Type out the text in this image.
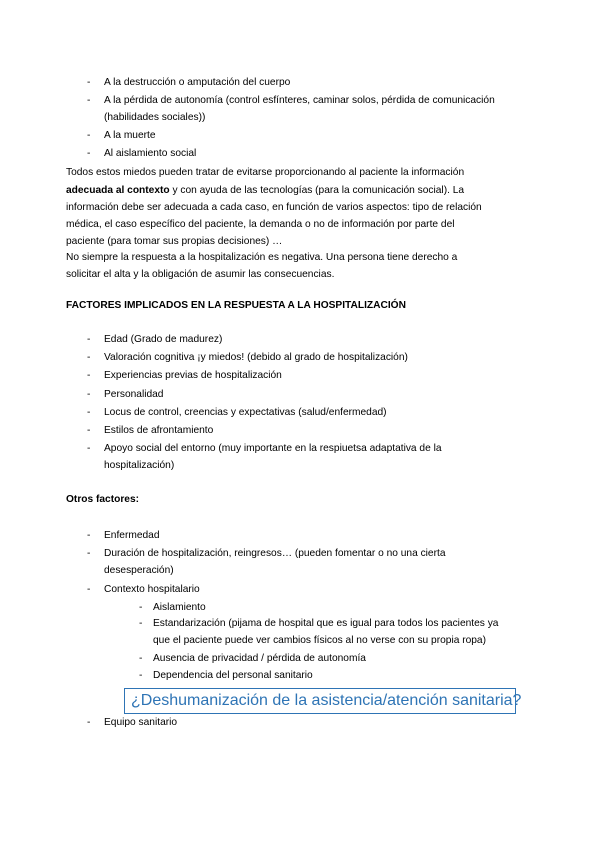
- A la destrucción o amputación del cuerpo
- A la pérdida de autonomía (control esfínteres, caminar solos, pérdida de comunicación (habilidades sociales))
- A la muerte
- Al aislamiento social
Todos estos miedos pueden tratar de evitarse proporcionando al paciente la información
adecuada al contexto y con ayuda de las tecnologías (para la comunicación social). La
información debe ser adecuada a cada caso, en función de varios aspectos: tipo de relación
médica, el caso específico del paciente, la demanda o no de información por parte del
paciente (para tomar sus propias decisiones) …
No siempre la respuesta a la hospitalización es negativa. Una persona tiene derecho a
solicitar el alta y la obligación de asumir las consecuencias.
FACTORES IMPLICADOS EN LA RESPUESTA A LA HOSPITALIZACIÓN
- Edad (Grado de madurez)
- Valoración cognitiva ¡y miedos! (debido al grado de hospitalización)
- Experiencias previas de hospitalización
- Personalidad
- Locus de control, creencias y expectativas (salud/enfermedad)
- Estilos de afrontamiento
- Apoyo social del entorno (muy importante en la respiuetsa adaptativa de la hospitalización)
Otros factores:
- Enfermedad
- Duración de hospitalización, reingresos… (pueden fomentar o no una cierta desesperación)
- Contexto hospitalario
- Aislamiento
- Estandarización (pijama de hospital que es igual para todos los pacientes ya que el paciente puede ver cambios físicos al no verse con su propia ropa)
- Ausencia de privacidad / pérdida de autonomía
- Dependencia del personal sanitario
¿Deshumanización de la asistencia/atención sanitaria?
- Equipo sanitario
